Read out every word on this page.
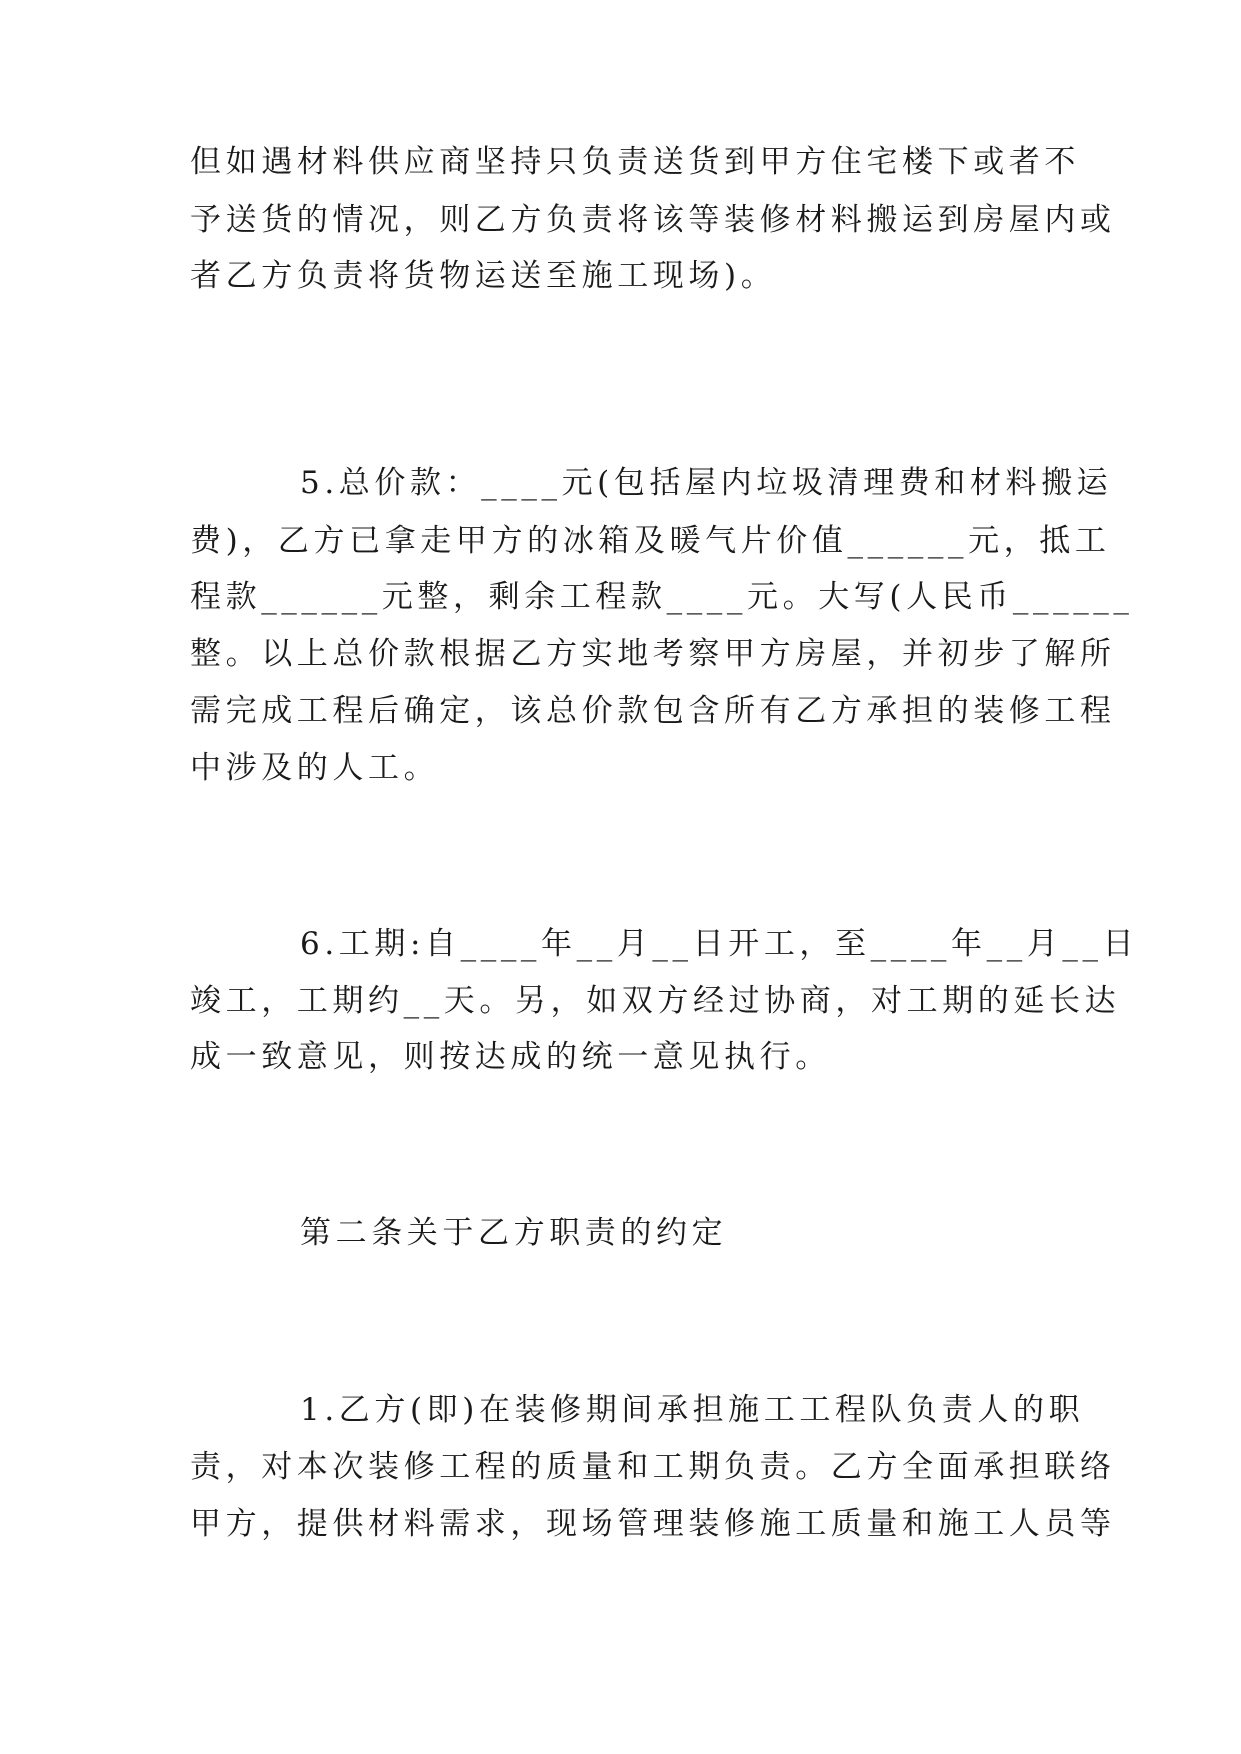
但如遇材料供应商坚持只负责送货到甲方住宅楼下或者不
予送货的情况，则乙方负责将该等装修材料搬运到房屋内或
者乙方负责将货物运送至施工现场)。
5.总价款：____元(包括屋内垃圾清理费和材料搬运
费)，乙方已拿走甲方的冰箱及暖气片价值______元，抵工
程款______元整，剩余工程款____元。大写(人民币______
整。以上总价款根据乙方实地考察甲方房屋，并初步了解所
需完成工程后确定，该总价款包含所有乙方承担的装修工程
中涉及的人工。
6.工期:自____年__月__日开工，至____年__月__日
竣工，工期约__天。另，如双方经过协商，对工期的延长达
成一致意见，则按达成的统一意见执行。
第二条关于乙方职责的约定
1.乙方(即)在装修期间承担施工工程队负责人的职
责，对本次装修工程的质量和工期负责。乙方全面承担联络
甲方，提供材料需求，现场管理装修施工质量和施工人员等
